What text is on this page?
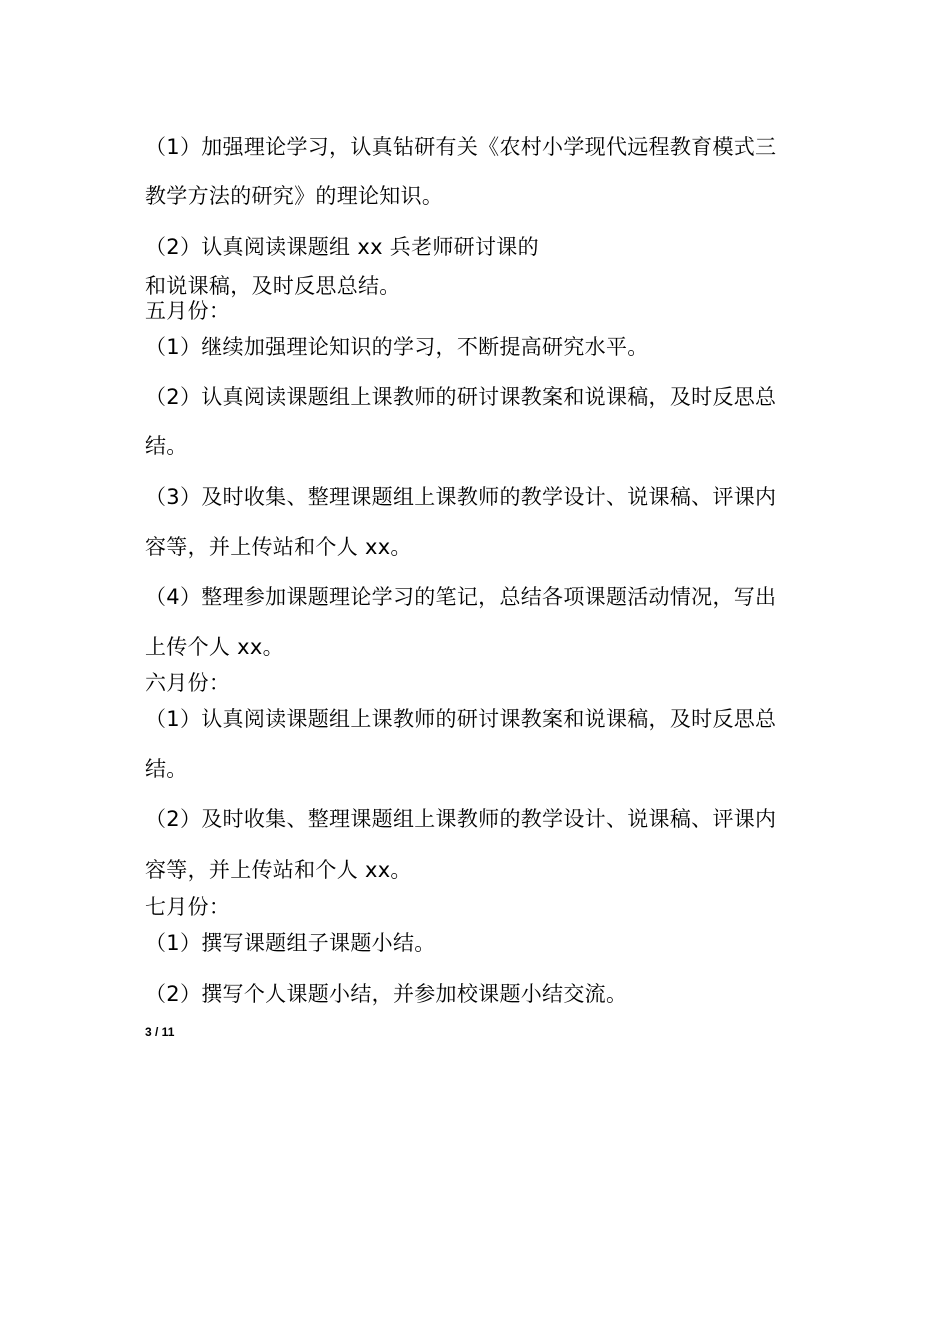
（1）加强理论学习，认真钻研有关《农村小学现代远程教育模式三
教学方法的研究》的理论知识。
（2）认真阅读课题组 xx 兵老师研讨课的
和说课稿，及时反思总结。
五月份：
（1）继续加强理论知识的学习，不断提高研究水平。
（2）认真阅读课题组上课教师的研讨课教案和说课稿，及时反思总
结。
（3）及时收集、整理课题组上课教师的教学设计、说课稿、评课内
容等，并上传站和个人 xx。
（4）整理参加课题理论学习的笔记，总结各项课题活动情况，写出
上传个人 xx。
六月份：
（1）认真阅读课题组上课教师的研讨课教案和说课稿，及时反思总
结。
（2）及时收集、整理课题组上课教师的教学设计、说课稿、评课内
容等，并上传站和个人 xx。
七月份：
（1）撰写课题组子课题小结。
（2）撰写个人课题小结，并参加校课题小结交流。
3 / 11
